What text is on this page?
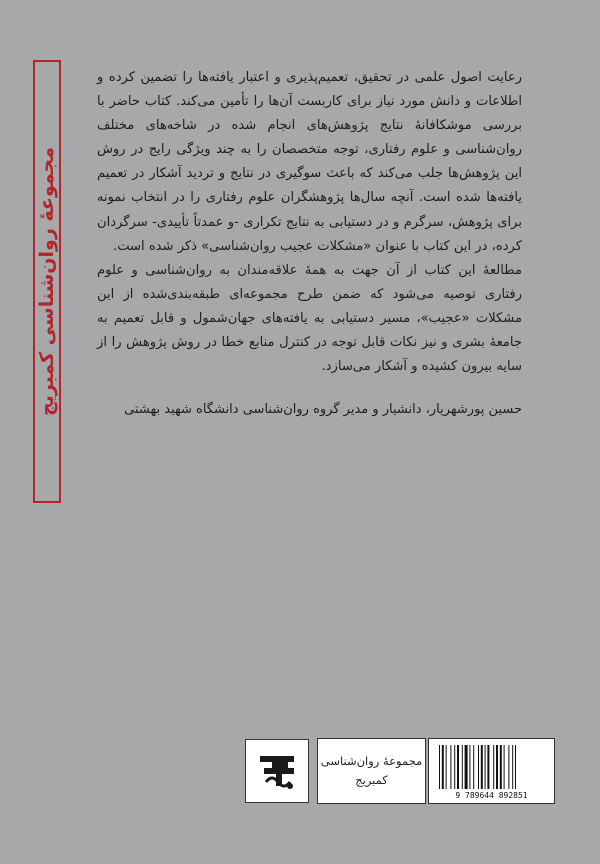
مجموعهٔ روان‌شناسی کمبریج

رعایت اصول علمی در تحقیق، تعمیم‌پذیری و اعتبار یافته‌ها را تضمین کرده و اطلاعات و دانش مورد نیاز برای کاربست آن‌ها را تأمین می‌کند. کتاب حاضر با بررسی موشکافانهٔ نتایج پژوهش‌های انجام شده در شاخه‌های مختلف روان‌شناسی و علوم رفتاری، توجه متخصصان را به چند ویژگی رایج در روش این پژوهش‌ها جلب می‌کند که باعث سوگیری در نتایج و تردید آشکار در تعمیم یافته‌ها شده است. آنچه سال‌ها پژوهشگران علوم رفتاری را در انتخاب نمونه برای پژوهش، سرگرم و در دستیابی به نتایج تکراری -و عمدتاً تأییدی- سرگردان کرده، در این کتاب با عنوان «مشکلات عجیب روان‌شناسی» ذکر شده است.

مطالعهٔ این کتاب از آن جهت به همهٔ علاقه‌مندان به روان‌شناسی و علوم رفتاری توصیه می‌شود که ضمن طرح مجموعه‌ای طبقه‌بندی‌شده از این مشکلات «عجیب»، مسیر دستیابی به یافته‌های جهان‌شمول و قابل تعمیم به جامعهٔ بشری و نیز نکات قابل توجه در کنترل منابع خطا در روش پژوهش را از سایه بیرون کشیده و آشکار می‌سازد.

حسین پورشهریار، دانشیار و مدیر گروه روان‌شناسی دانشگاه شهید بهشتی
9 789644 892851
مجموعهٔ روان‌شناسی
کمبریج
